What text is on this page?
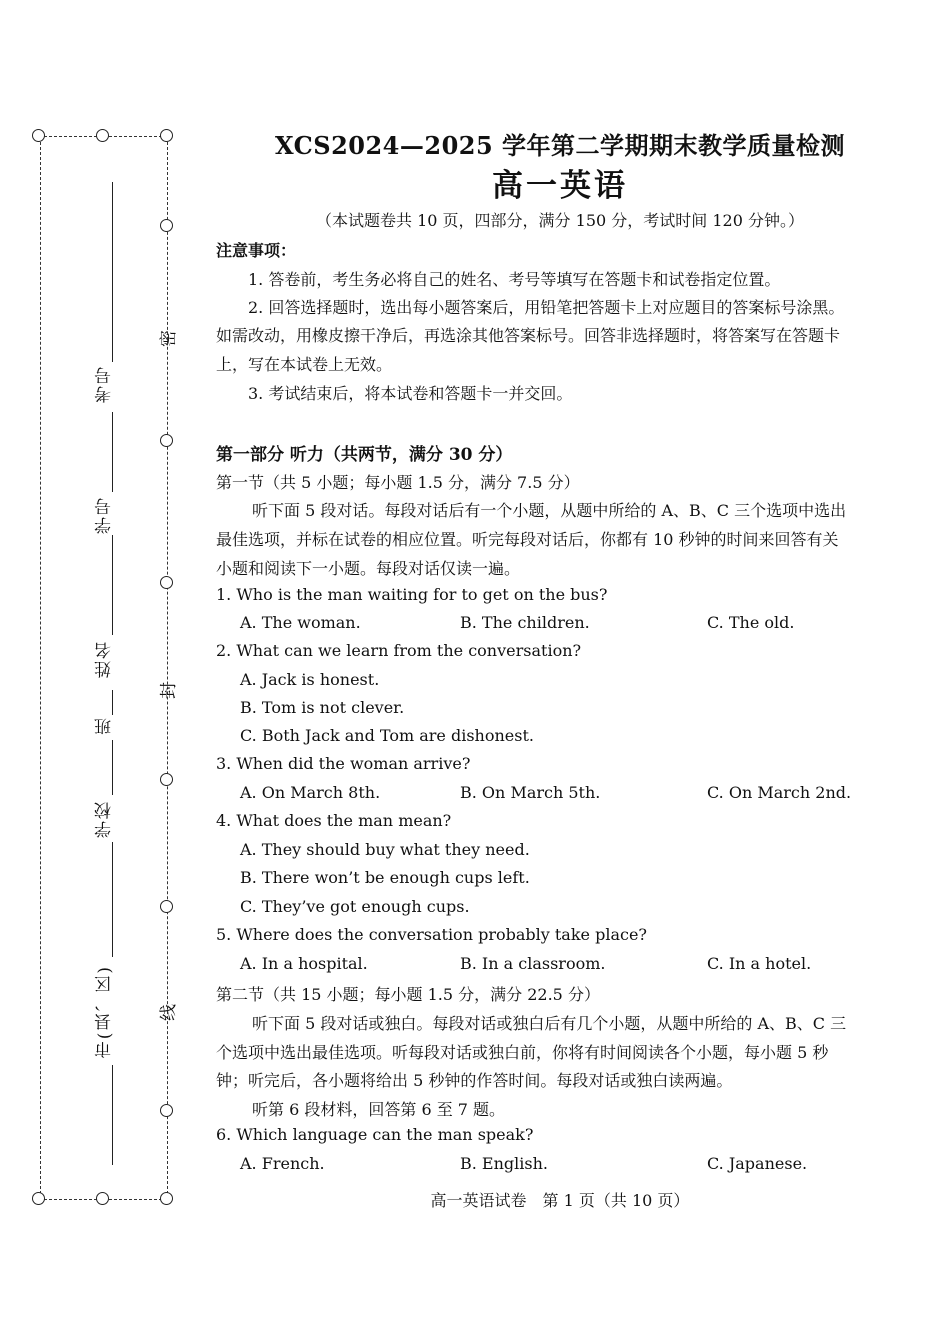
考号
学号
姓名
班
学校
市(县、区)
密
封
线
XCS2024—2025 学年第二学期期末教学质量检测
高一英语
（本试题卷共 10 页，四部分，满分 150 分，考试时间 120 分钟。）
注意事项：
1. 答卷前，考生务必将自己的姓名、考号等填写在答题卡和试卷指定位置。
2. 回答选择题时，选出每小题答案后，用铅笔把答题卡上对应题目的答案标号涂黑。
如需改动，用橡皮擦干净后，再选涂其他答案标号。回答非选择题时，将答案写在答题卡
上，写在本试卷上无效。
3. 考试结束后，将本试卷和答题卡一并交回。
第一部分 听力（共两节，满分 30 分）
第一节（共 5 小题；每小题 1.5 分，满分 7.5 分）
听下面 5 段对话。每段对话后有一个小题，从题中所给的 A、B、C 三个选项中选出
最佳选项，并标在试卷的相应位置。听完每段对话后，你都有 10 秒钟的时间来回答有关
小题和阅读下一小题。每段对话仅读一遍。
1. Who is the man waiting for to get on the bus?
A. The woman.	B. The children.	C. The old.
2. What can we learn from the conversation?
A. Jack is honest.
B. Tom is not clever.
C. Both Jack and Tom are dishonest.
3. When did the woman arrive?
A. On March 8th.	B. On March 5th.	C. On March 2nd.
4. What does the man mean?
A. They should buy what they need.
B. There won’t be enough cups left.
C. They’ve got enough cups.
5. Where does the conversation probably take place?
A. In a hospital.	B. In a classroom.	C. In a hotel.
第二节（共 15 小题；每小题 1.5 分，满分 22.5 分）
听下面 5 段对话或独白。每段对话或独白后有几个小题，从题中所给的 A、B、C 三
个选项中选出最佳选项。听每段对话或独白前，你将有时间阅读各个小题，每小题 5 秒
钟；听完后，各小题将给出 5 秒钟的作答时间。每段对话或独白读两遍。
听第 6 段材料，回答第 6 至 7 题。
6. Which language can the man speak?
A. French.	B. English.	C. Japanese.
高一英语试卷　第 1 页（共 10 页）
